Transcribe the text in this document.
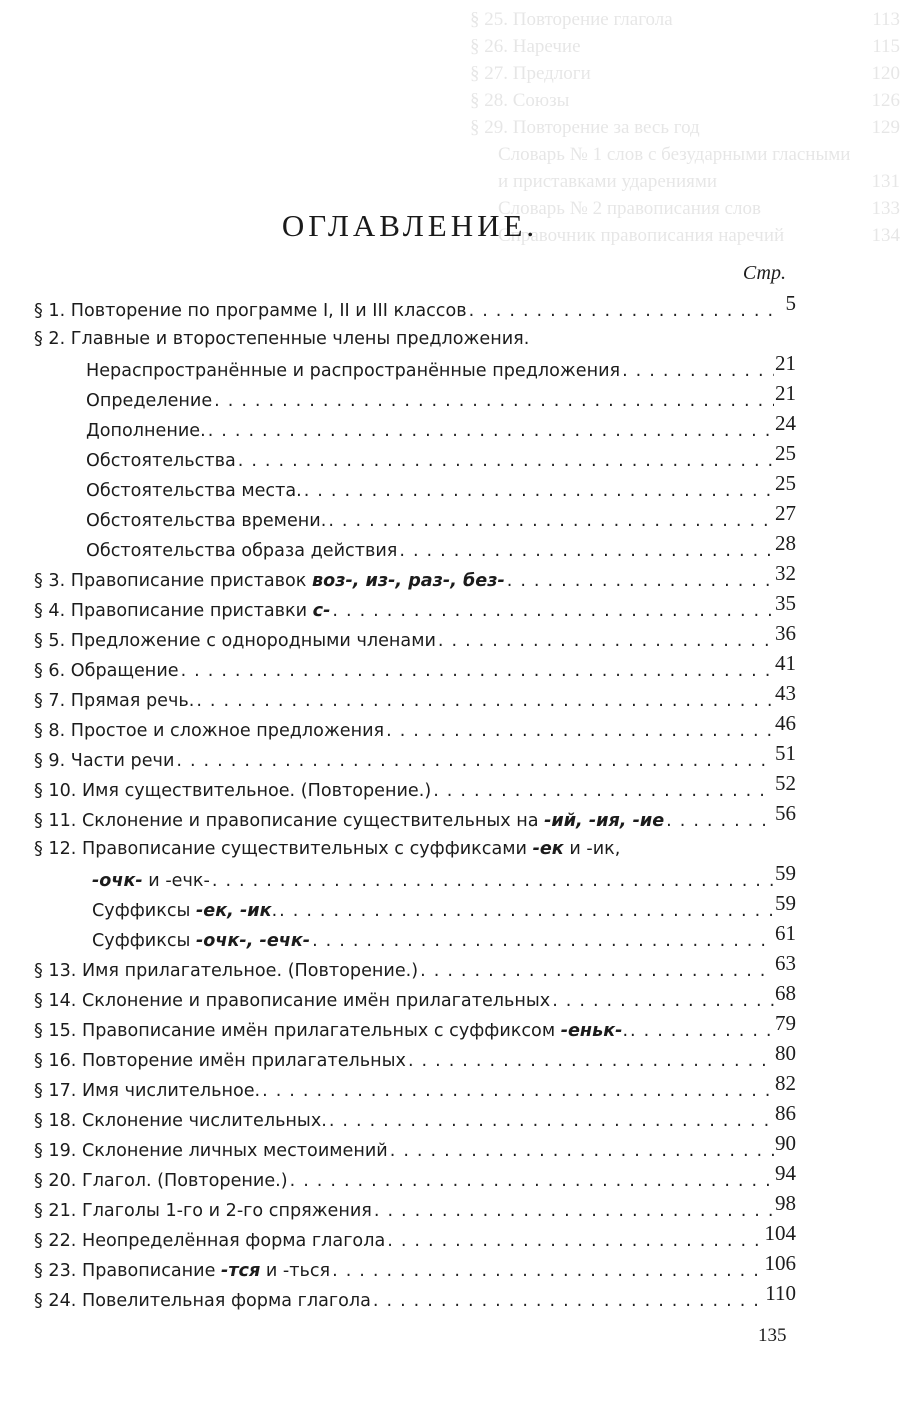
§ 25. Повторение глагола	113
§ 26. Наречие	115
§ 27. Предлоги	120
§ 28. Союзы	126
§ 29. Повторение за весь год	129
Словарь № 1 слов с безударными гласными
и приставками ударениями	131
Словарь № 2 правописания слов	133
Справочник правописания наречий	134
ОГЛАВЛЕНИЕ.
Стр.
§ 1. Повторение по программе I, II и III классов . . .	5
§ 2. Главные и второстепенные члены предложения.
Нераспространённые и распространённые предложения . . .	21
Определение . . .	21
Дополнение. . . .	24
Обстоятельства . . .	25
Обстоятельства места. . . .	25
Обстоятельства времени. . . .	27
Обстоятельства образа действия . . .	28
§ 3. Правописание приставок воз-, из-, раз-, без- . . .	32
§ 4. Правописание приставки с- . . .	35
§ 5. Предложение с однородными членами . . .	36
§ 6. Обращение . . .	41
§ 7. Прямая речь. . . .	43
§ 8. Простое и сложное предложения . . .	46
§ 9. Части речи . . .	51
§ 10. Имя существительное. (Повторение.) . . .	52
§ 11. Склонение и правописание существительных на -ий, -ия, -ие . . .	56
§ 12. Правописание существительных с суффиксами -ек и -ик,
-очк- и -ечк- . . .	59
Суффиксы -ек, -ик. . . .	59
Суффиксы -очк-, -ечк- . . .	61
§ 13. Имя прилагательное. (Повторение.) . . .	63
§ 14. Склонение и правописание имён прилагательных . . .	68
§ 15. Правописание имён прилагательных с суффиксом -еньк-. . . .	79
§ 16. Повторение имён прилагательных . . .	80
§ 17. Имя числительное. . . .	82
§ 18. Склонение числительных. . . .	86
§ 19. Склонение личных местоимений . . .	90
§ 20. Глагол. (Повторение.) . . .	94
§ 21. Глаголы 1-го и 2-го спряжения . . .	98
§ 22. Неопределённая форма глагола . . .	104
§ 23. Правописание -тся и -ться . . .	106
§ 24. Повелительная форма глагола . . .	110
135
